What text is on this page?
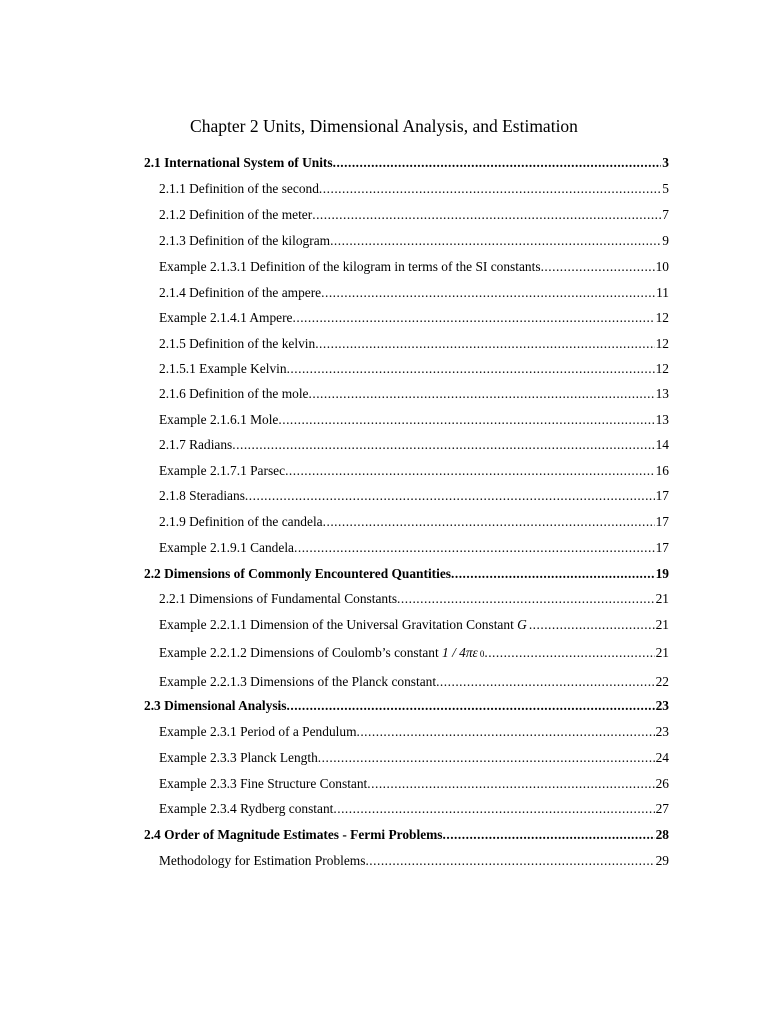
Chapter 2 Units, Dimensional Analysis, and Estimation
2.1 International System of Units .....	3
2.1.1 Definition of the second .....	5
2.1.2 Definition of the meter .....	7
2.1.3 Definition of the kilogram .....	9
Example 2.1.3.1 Definition of the kilogram in terms of the SI constants .....	10
2.1.4 Definition of the ampere .....	11
Example 2.1.4.1 Ampere .....	12
2.1.5 Definition of the kelvin .....	12
2.1.5.1 Example Kelvin .....	12
2.1.6 Definition of the mole .....	13
Example 2.1.6.1 Mole .....	13
2.1.7 Radians .....	14
Example 2.1.7.1 Parsec .....	16
2.1.8 Steradians .....	17
2.1.9 Definition of the candela .....	17
Example 2.1.9.1 Candela .....	17
2.2 Dimensions of Commonly Encountered Quantities .....	19
2.2.1 Dimensions of Fundamental Constants .....	21
Example 2.2.1.1 Dimension of the Universal Gravitation Constant G .....	21
Example 2.2.1.2 Dimensions of Coulomb’s constant 1 / 4πε 0 .....	21
Example 2.2.1.3 Dimensions of the Planck constant .....	22
2.3 Dimensional Analysis .....	23
Example 2.3.1 Period of a Pendulum .....	23
Example 2.3.3 Planck Length .....	24
Example 2.3.3 Fine Structure Constant .....	26
Example 2.3.4 Rydberg constant .....	27
2.4 Order of Magnitude Estimates - Fermi Problems .....	28
Methodology for Estimation Problems .....	29
